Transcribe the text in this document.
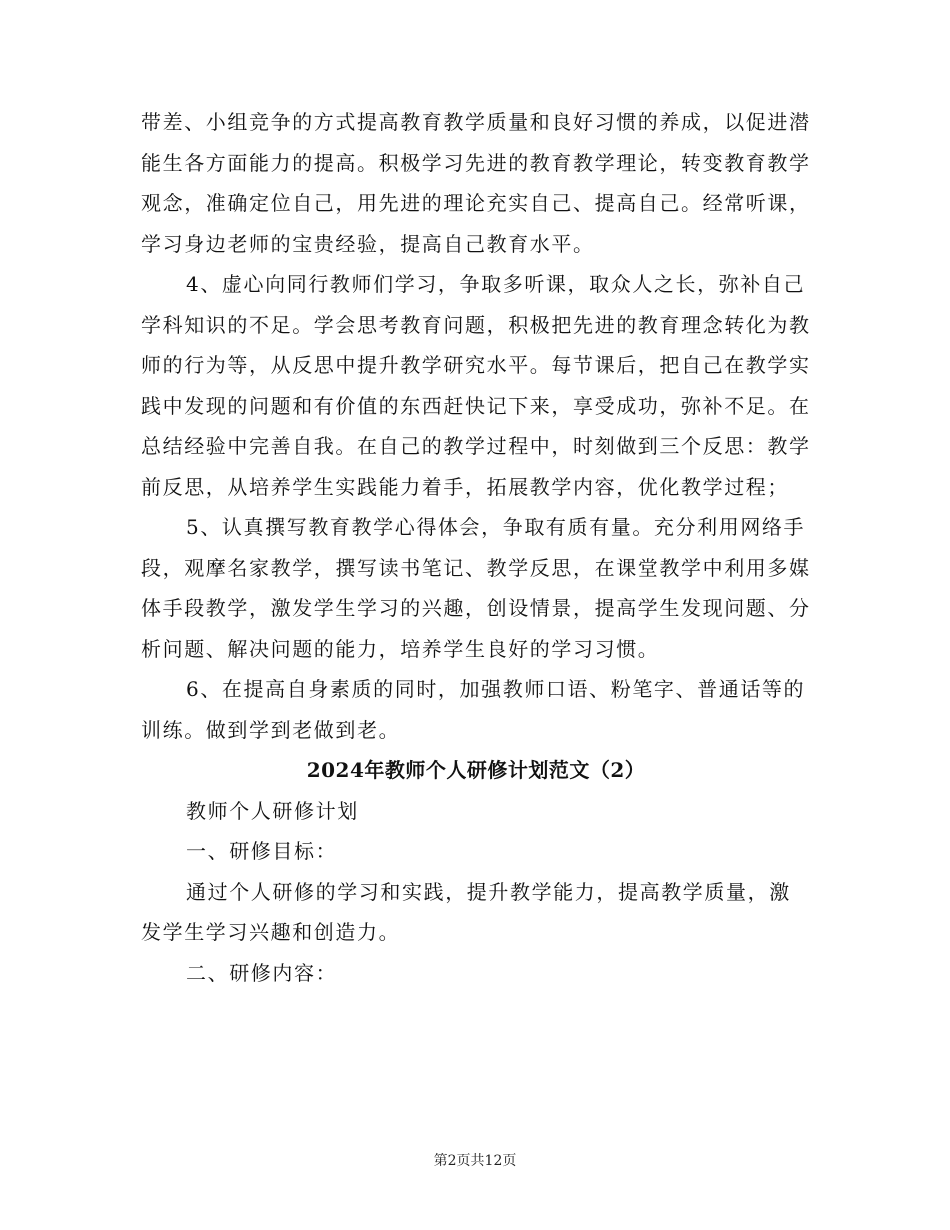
带差、小组竞争的方式提高教育教学质量和良好习惯的养成，以促进潜能生各方面能力的提高。积极学习先进的教育教学理论，转变教育教学观念，准确定位自己，用先进的理论充实自己、提高自己。经常听课，学习身边老师的宝贵经验，提高自己教育水平。

4、虚心向同行教师们学习，争取多听课，取众人之长，弥补自己学科知识的不足。学会思考教育问题，积极把先进的教育理念转化为教师的行为等，从反思中提升教学研究水平。每节课后，把自己在教学实践中发现的问题和有价值的东西赶快记下来，享受成功，弥补不足。在总结经验中完善自我。在自己的教学过程中，时刻做到三个反思：教学前反思，从培养学生实践能力着手，拓展教学内容，优化教学过程；

5、认真撰写教育教学心得体会，争取有质有量。充分利用网络手段，观摩名家教学，撰写读书笔记、教学反思，在课堂教学中利用多媒体手段教学，激发学生学习的兴趣，创设情景，提高学生发现问题、分析问题、解决问题的能力，培养学生良好的学习习惯。

6、在提高自身素质的同时，加强教师口语、粉笔字、普通话等的训练。做到学到老做到老。

2024年教师个人研修计划范文（2）

教师个人研修计划

一、研修目标：

通过个人研修的学习和实践，提升教学能力，提高教学质量，激发学生学习兴趣和创造力。

二、研修内容：

第2页共12页
